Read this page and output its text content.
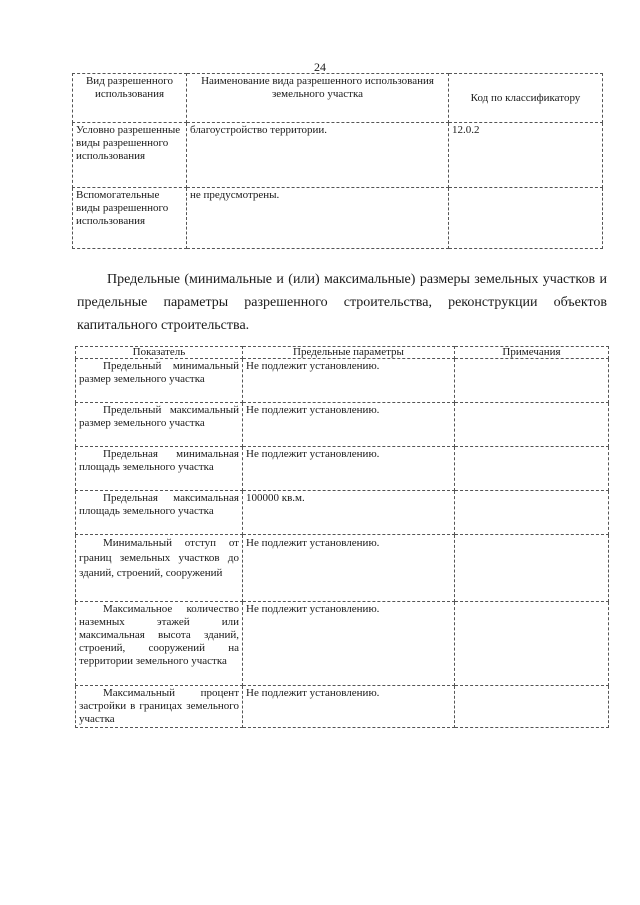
24
Вид разрешенного использования	Наименование вида разрешенного использования земельного участка	Код по классификатору
Условно разрешенные виды разрешенного использования	благоустройство территории.	12.0.2
Вспомогательные виды разрешенного использования	не предусмотрены.	

Предельные (минимальные и (или) максимальные) размеры земельных участков и предельные параметры разрешенного строительства, реконструкции объектов капитального строительства.

Показатель	Предельные параметры	Примечания
Предельный минимальный размер земельного участка	Не подлежит установлению.	
Предельный максимальный размер земельного участка	Не подлежит установлению.	
Предельная минимальная площадь земельного участка	Не подлежит установлению.	
Предельная максимальная площадь земельного участка	100000 кв.м.	
Минимальный отступ от границ земельных участков до зданий, строений, сооружений	Не подлежит установлению.	
Максимальное количество наземных этажей или максимальная высота зданий, строений, сооружений на территории земельного участка	Не подлежит установлению.	
Максимальный процент застройки в границах земельного участка	Не подлежит установлению.	
